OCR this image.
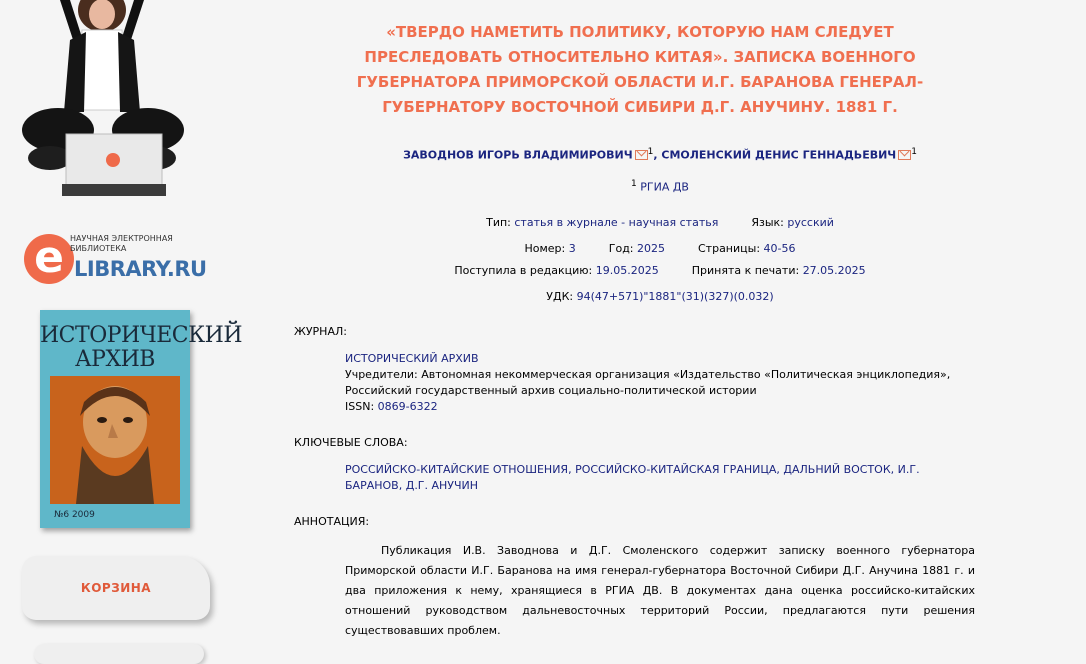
e НАУЧНАЯ ЭЛЕКТРОННАЯ БИБЛИОТЕКА
LIBRARY.RU
ИСТОРИЧЕСКИЙ
АРХИВ
№6 2009
КОРЗИНА
«ТВЕРДО НАМЕТИТЬ ПОЛИТИКУ, КОТОРУЮ НАМ СЛЕДУЕТ ПРЕСЛЕДОВАТЬ ОТНОСИТЕЛЬНО КИТАЯ». ЗАПИСКА ВОЕННОГО ГУБЕРНАТОРА ПРИМОРСКОЙ ОБЛАСТИ И.Г. БАРАНОВА ГЕНЕРАЛ-ГУБЕРНАТОРУ ВОСТОЧНОЙ СИБИРИ Д.Г. АНУЧИНУ. 1881 Г.
ЗАВОДНОВ ИГОРЬ ВЛАДИМИРОВИЧ $^1$, СМОЛЕНСКИЙ ДЕНИС ГЕННАДЬЕВИЧ $^1$
$^1$ РГИА ДВ
Тип: статья в журнале - научная статья	Язык: русский
Номер: 3	Год: 2025	Страницы: 40-56
Поступила в редакцию: 19.05.2025	Принята к печати: 27.05.2025
УДК: 94(47+571)"1881"(31)(327)(0.032)
ЖУРНАЛ:
ИСТОРИЧЕСКИЙ АРХИВ
Учредители: Автономная некоммерческая организация «Издательство «Политическая энциклопедия», Российский государственный архив социально-политической истории
ISSN: 0869-6322
КЛЮЧЕВЫЕ СЛОВА:
РОССИЙСКО-КИТАЙСКИЕ ОТНОШЕНИЯ, РОССИЙСКО-КИТАЙСКАЯ ГРАНИЦА, ДАЛЬНИЙ ВОСТОК, И.Г. БАРАНОВ, Д.Г. АНУЧИН
АННОТАЦИЯ:
Публикация И.В. Заводнова и Д.Г. Смоленского содержит записку военного губернатора Приморской области И.Г. Баранова на имя генерал-губернатора Восточной Сибири Д.Г. Анучина 1881 г. и два приложения к нему, хранящиеся в РГИА ДВ. В документах дана оценка российско-китайских отношений руководством дальневосточных территорий России, предлагаются пути решения существовавших проблем.
